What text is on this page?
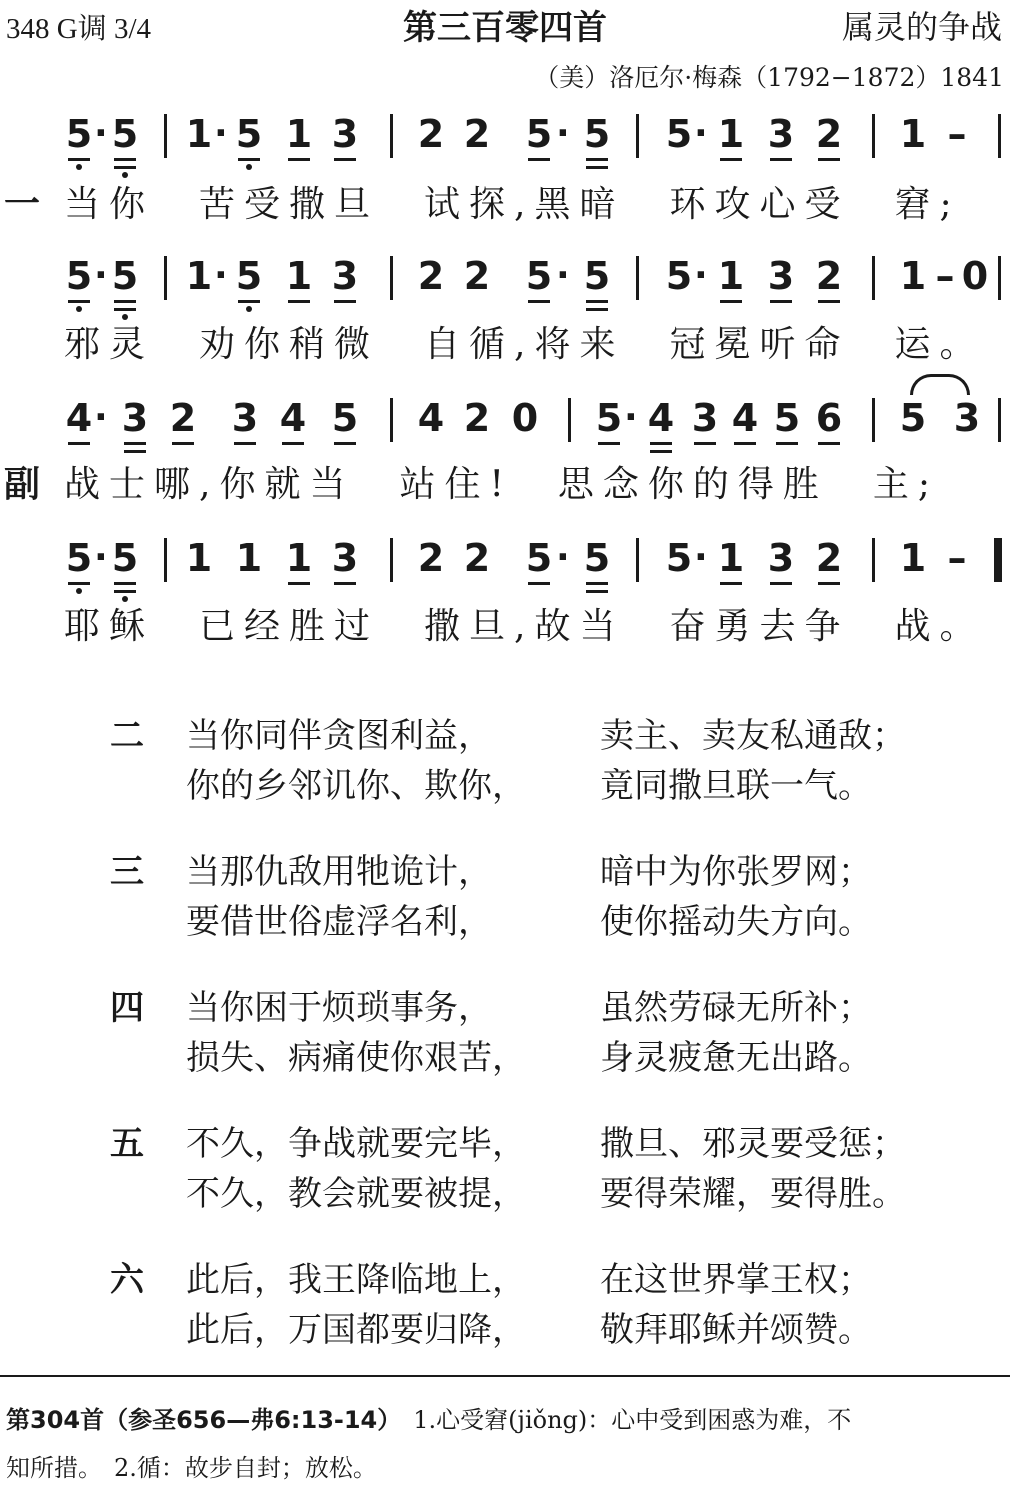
348 G调 3/4	第三百零四首	属灵的争战
（美）洛厄尔·梅森（1792−1872）1841
5 · 5 1 · 5 1 3 2 2 5 · 5 5 · 1 3 2 1 –
一 当你　苦受撒旦　试探,黑暗　环攻心受　窘;
5 · 5 1 · 5 1 3 2 2 5 · 5 5 · 1 3 2 1 – 0
邪灵　劝你稍微　自循,将来　冠冕听命　运。
4 · 3 2 3 4 5 4 2 0 5 · 4 3 4 5 6 5 3
副 战士哪,你就当　站住!　思念你的得胜　主;
5 · 5 1 1 1 3 2 2 5 · 5 5 · 1 3 2 1 –
耶稣　已经胜过　撒旦,故当　奋勇去争　战。
二 当你同伴贪图利益，	卖主、卖友私通敌；
你的乡邻讥你、欺你， 竟同撒旦联一气。
三 当那仇敌用牠诡计，	暗中为你张罗网；
要借世俗虚浮名利，	使你摇动失方向。
四 当你困于烦琐事务，	虽然劳碌无所补；
损失、病痛使你艰苦， 身灵疲惫无出路。
五 不久，争战就要完毕， 撒旦、邪灵要受惩；
不久，教会就要被提， 要得荣耀，要得胜。
六 此后，我王降临地上， 在这世界掌王权；
此后，万国都要归降， 敬拜耶稣并颂赞。
第304首（参圣656—弗6:13-14）　 1.心受窘(jiǒng)：心中受到困惑为难，不
知所措。　2.循：故步自封；放松。
